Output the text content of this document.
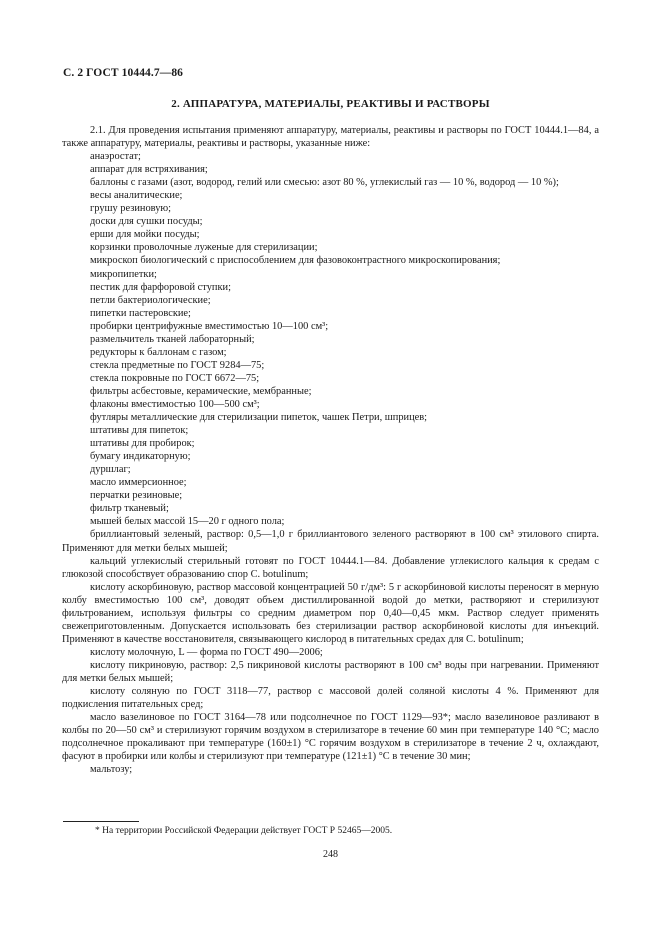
С. 2 ГОСТ 10444.7—86
2. АППАРАТУРА, МАТЕРИАЛЫ, РЕАКТИВЫ И РАСТВОРЫ

2.1. Для проведения испытания применяют аппаратуру, материалы, реактивы и растворы по ГОСТ 10444.1—84, а также аппаратуру, материалы, реактивы и растворы, указанные ниже:

анаэростат;

аппарат для встряхивания;

баллоны с газами (азот, водород, гелий или смесью: азот 80 %, углекислый газ — 10 %, водород — 10 %);

весы аналитические;

грушу резиновую;

доски для сушки посуды;

ерши для мойки посуды;

корзинки проволочные луженые для стерилизации;

микроскоп биологический с приспособлением для фазовоконтрастного микроскопирования;

микропипетки;

пестик для фарфоровой ступки;

петли бактериологические;

пипетки пастеровские;

пробирки центрифужные вместимостью 10—100 см³;

размельчитель тканей лабораторный;

редукторы к баллонам с газом;

стекла предметные по ГОСТ 9284—75;

стекла покровные по ГОСТ 6672—75;

фильтры асбестовые, керамические, мембранные;

флаконы вместимостью 100—500 см³;

футляры металлические для стерилизации пипеток, чашек Петри, шприцев;

штативы для пипеток;

штативы для пробирок;

бумагу индикаторную;

дуршлаг;

масло иммерсионное;

перчатки резиновые;

фильтр тканевый;

мышей белых массой 15—20 г одного пола;

бриллиантовый зеленый, раствор: 0,5—1,0 г бриллиантового зеленого растворяют в 100 см³ этилового спирта. Применяют для метки белых мышей;

кальций углекислый стерильный готовят по ГОСТ 10444.1—84. Добавление углекислого кальция к средам с глюкозой способствует образованию спор C. botulinum;

кислоту аскорбиновую, раствор массовой концентрацией 50 г/дм³: 5 г аскорбиновой кислоты переносят в мерную колбу вместимостью 100 см³, доводят объем дистиллированной водой до метки, растворяют и стерилизуют фильтрованием, используя фильтры со средним диаметром пор 0,40—0,45 мкм. Раствор следует применять свежеприготовленным. Допускается использовать без стерилизации раствор аскорбиновой кислоты для инъекций. Применяют в качестве восстановителя, связывающего кислород в питательных средах для C. botulinum;

кислоту молочную, L — форма по ГОСТ 490—2006;

кислоту пикриновую, раствор: 2,5 пикриновой кислоты растворяют в 100 см³ воды при нагревании. Применяют для метки белых мышей;

кислоту соляную по ГОСТ 3118—77, раствор с массовой долей соляной кислоты 4 %. Применяют для подкисления питательных сред;

масло вазелиновое по ГОСТ 3164—78 или подсолнечное по ГОСТ 1129—93*; масло вазелиновое разливают в колбы по 20—50 см³ и стерилизуют горячим воздухом в стерилизаторе в течение 60 мин при температуре 140 °С; масло подсолнечное прокаливают при температуре (160±1) °С горячим воздухом в стерилизаторе в течение 2 ч, охлаждают, фасуют в пробирки или колбы и стерилизуют при температуре (121±1) °С в течение 30 мин;

мальтозу;

* На территории Российской Федерации действует ГОСТ Р 52465—2005.
248
